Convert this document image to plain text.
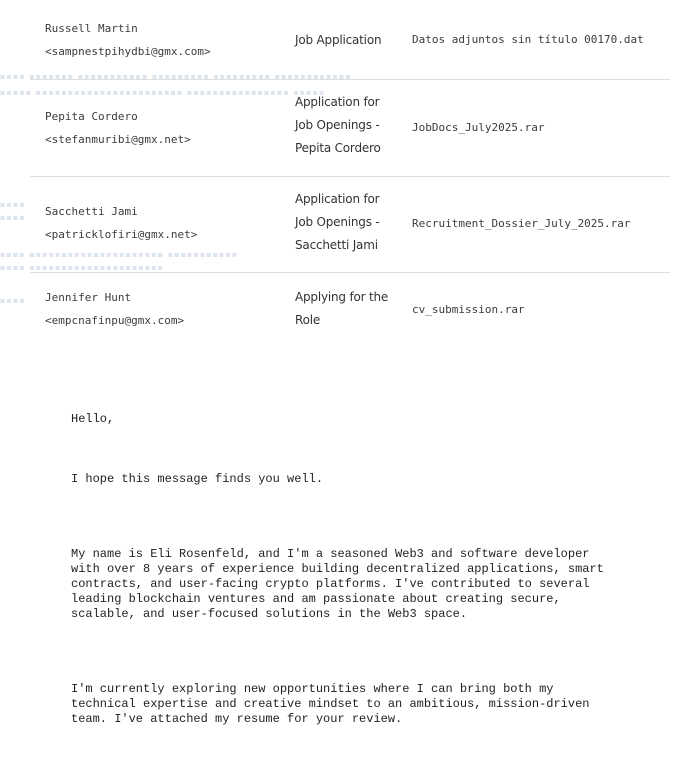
▪▪▪▪ ▪▪▪▪▪▪▪ ▪▪▪▪▪▪▪▪▪▪▪ ▪▪▪▪▪▪▪▪▪ ▪▪▪▪▪▪▪▪▪ ▪▪▪▪▪▪▪▪▪▪▪▪
▪▪▪▪▪ ▪▪▪▪▪▪▪▪▪▪▪▪▪▪▪▪▪▪▪▪▪▪▪ ▪▪▪▪▪▪▪▪▪▪▪▪▪▪▪▪ ▪▪▪▪▪
▪▪▪▪
▪▪▪▪
▪▪▪▪ ▪▪▪▪▪▪▪▪▪▪▪▪▪▪▪▪▪▪▪▪▪ ▪▪▪▪▪▪▪▪▪▪▪
▪▪▪▪ ▪▪▪▪▪▪▪▪▪▪▪▪▪▪▪▪▪▪▪▪▪
▪▪▪▪
Russell Martin
<sampnestpihydbi@gmx.com>
Job Application	Datos adjuntos sin título 00170.dat
Pepita Cordero
<stefanmuribi@gmx.net>
Application for Job Openings - Pepita Cordero
JobDocs_July2025.rar
Sacchetti Jami
<patricklofiri@gmx.net>
Application for Job Openings - Sacchetti Jami
Recruitment_Dossier_July_2025.rar
Jennifer Hunt
<empcnafinpu@gmx.com>
Applying for the Role
cv_submission.rar

Hello,

I hope this message finds you well.

My name is Eli Rosenfeld, and I'm a seasoned Web3 and software developer
with over 8 years of experience building decentralized applications, smart
contracts, and user-facing crypto platforms. I've contributed to several
leading blockchain ventures and am passionate about creating secure,
scalable, and user-focused solutions in the Web3 space.

I'm currently exploring new opportunities where I can bring both my
technical expertise and creative mindset to an ambitious, mission-driven
team. I've attached my resume for your review.
